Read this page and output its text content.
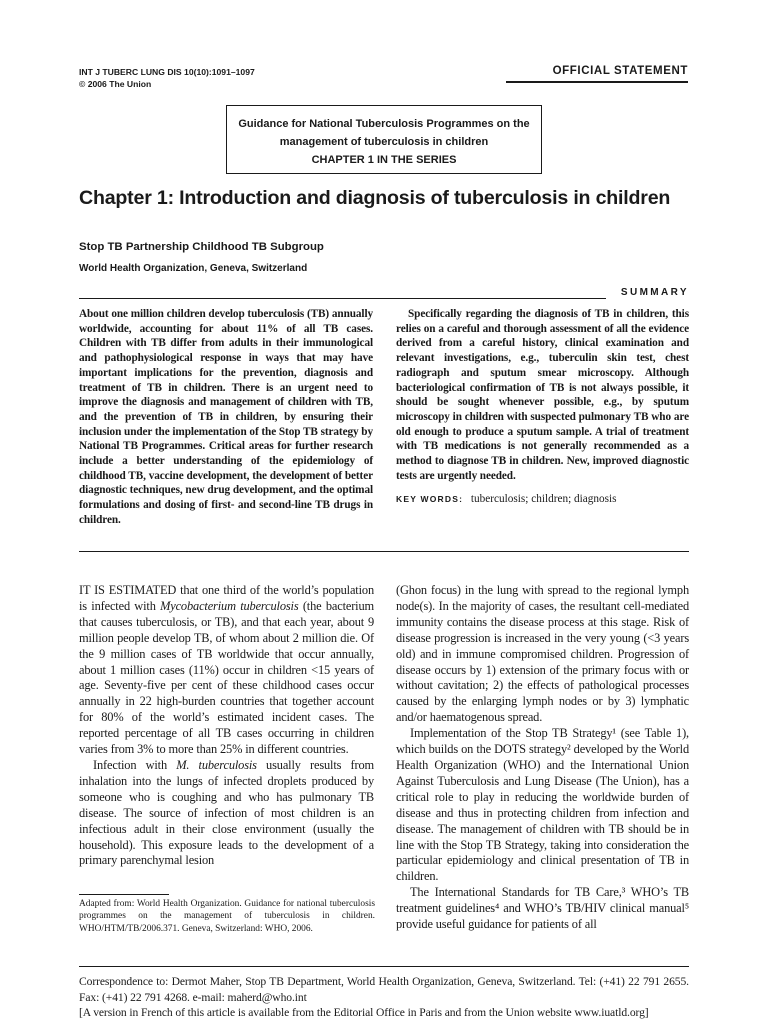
INT J TUBERC LUNG DIS 10(10):1091–1097
© 2006 The Union
OFFICIAL STATEMENT
Guidance for National Tuberculosis Programmes on the
management of tuberculosis in children
CHAPTER 1 IN THE SERIES
Chapter 1: Introduction and diagnosis of tuberculosis in children
Stop TB Partnership Childhood TB Subgroup
World Health Organization, Geneva, Switzerland
SUMMARY
About one million children develop tuberculosis (TB) annually worldwide, accounting for about 11% of all TB cases. Children with TB differ from adults in their immunological and pathophysiological response in ways that may have important implications for the prevention, diagnosis and treatment of TB in children. There is an urgent need to improve the diagnosis and management of children with TB, and the prevention of TB in children, by ensuring their inclusion under the implementation of the Stop TB strategy by National TB Programmes. Critical areas for further research include a better understanding of the epidemiology of childhood TB, vaccine development, the development of better diagnostic techniques, new drug development, and the optimal formulations and dosing of first- and second-line TB drugs in children.
Specifically regarding the diagnosis of TB in children, this relies on a careful and thorough assessment of all the evidence derived from a careful history, clinical examination and relevant investigations, e.g., tuberculin skin test, chest radiograph and sputum smear microscopy. Although bacteriological confirmation of TB is not always possible, it should be sought whenever possible, e.g., by sputum microscopy in children with suspected pulmonary TB who are old enough to produce a sputum sample. A trial of treatment with TB medications is not generally recommended as a method to diagnose TB in children. New, improved diagnostic tests are urgently needed.
KEY WORDS: tuberculosis; children; diagnosis

IT IS ESTIMATED that one third of the world’s population is infected with Mycobacterium tuberculosis (the bacterium that causes tuberculosis, or TB), and that each year, about 9 million people develop TB, of whom about 2 million die. Of the 9 million cases of TB worldwide that occur annually, about 1 million cases (11%) occur in children <15 years of age. Seventy-five per cent of these childhood cases occur annually in 22 high-burden countries that together account for 80% of the world’s estimated incident cases. The reported percentage of all TB cases occurring in children varies from 3% to more than 25% in different countries.

Infection with M. tuberculosis usually results from inhalation into the lungs of infected droplets produced by someone who is coughing and who has pulmonary TB disease. The source of infection of most children is an infectious adult in their close environment (usually the household). This exposure leads to the development of a primary parenchymal lesion

(Ghon focus) in the lung with spread to the regional lymph node(s). In the majority of cases, the resultant cell-mediated immunity contains the disease process at this stage. Risk of disease progression is increased in the very young (<3 years old) and in immune compromised children. Progression of disease occurs by 1) extension of the primary focus with or without cavitation; 2) the effects of pathological processes caused by the enlarging lymph nodes or by 3) lymphatic and/or haematogenous spread.

Implementation of the Stop TB Strategy¹ (see Table 1), which builds on the DOTS strategy² developed by the World Health Organization (WHO) and the International Union Against Tuberculosis and Lung Disease (The Union), has a critical role to play in reducing the worldwide burden of disease and thus in protecting children from infection and disease. The management of children with TB should be in line with the Stop TB Strategy, taking into consideration the particular epidemiology and clinical presentation of TB in children.

The International Standards for TB Care,³ WHO’s TB treatment guidelines⁴ and WHO’s TB/HIV clinical manual⁵ provide useful guidance for patients of all

Adapted from: World Health Organization. Guidance for national tuberculosis programmes on the management of tuberculosis in children. WHO/HTM/TB/2006.371. Geneva, Switzerland: WHO, 2006.
Correspondence to: Dermot Maher, Stop TB Department, World Health Organization, Geneva, Switzerland. Tel: (+41) 22 791 2655. Fax: (+41) 22 791 4268. e-mail: maherd@who.int
[A version in French of this article is available from the Editorial Office in Paris and from the Union website www.iuatld.org]
